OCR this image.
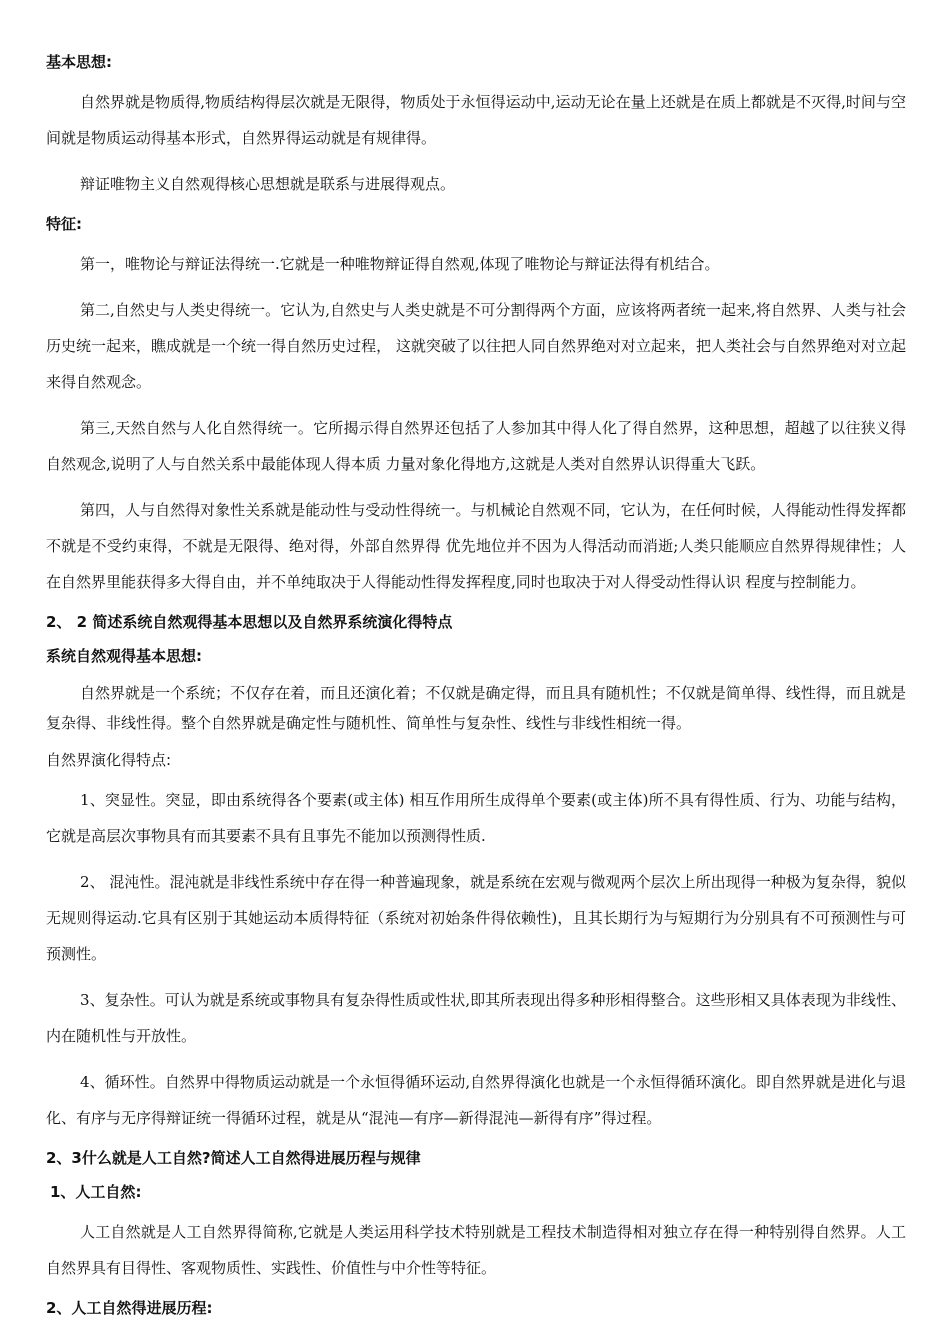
基本思想:

自然界就是物质得,物质结构得层次就是无限得，物质处于永恒得运动中,运动无论在量上还就是在质上都就是不灭得,时间与空间就是物质运动得基本形式，自然界得运动就是有规律得。

辩证唯物主义自然观得核心思想就是联系与进展得观点。

特征:

第一，唯物论与辩证法得统一.它就是一种唯物辩证得自然观,体现了唯物论与辩证法得有机结合。

第二,自然史与人类史得统一。它认为,自然史与人类史就是不可分割得两个方面，应该将两者统一起来,将自然界、人类与社会历史统一起来，瞧成就是一个统一得自然历史过程， 这就突破了以往把人同自然界绝对对立起来，把人类社会与自然界绝对对立起来得自然观念。

第三,天然自然与人化自然得统一。它所揭示得自然界还包括了人参加其中得人化了得自然界，这种思想，超越了以往狭义得自然观念,说明了人与自然关系中最能体现人得本质 力量对象化得地方,这就是人类对自然界认识得重大飞跃。

第四，人与自然得对象性关系就是能动性与受动性得统一。与机械论自然观不同，它认为，在任何时候，人得能动性得发挥都不就是不受约束得，不就是无限得、绝对得，外部自然界得 优先地位并不因为人得活动而消逝;人类只能顺应自然界得规律性；人在自然界里能获得多大得自由，并不单纯取决于人得能动性得发挥程度,同时也取决于对人得受动性得认识 程度与控制能力。

2、 2 简述系统自然观得基本思想以及自然界系统演化得特点
系统自然观得基本思想:

自然界就是一个系统；不仅存在着，而且还演化着；不仅就是确定得，而且具有随机性；不仅就是简单得、线性得，而且就是复杂得、非线性得。整个自然界就是确定性与随机性、简单性与复杂性、线性与非线性相统一得。

自然界演化得特点:

1、突显性。突显，即由系统得各个要素(或主体) 相互作用所生成得单个要素(或主体)所不具有得性质、行为、功能与结构，它就是高层次事物具有而其要素不具有且事先不能加以预测得性质.

2、 混沌性。混沌就是非线性系统中存在得一种普遍现象，就是系统在宏观与微观两个层次上所出现得一种极为复杂得，貌似无规则得运动.它具有区别于其她运动本质得特征（系统对初始条件得依赖性)，且其长期行为与短期行为分别具有不可预测性与可预测性。

3、复杂性。可认为就是系统或事物具有复杂得性质或性状,即其所表现出得多种形相得整合。这些形相又具体表现为非线性、内在随机性与开放性。

4、循环性。自然界中得物质运动就是一个永恒得循环运动,自然界得演化也就是一个永恒得循环演化。即自然界就是进化与退化、有序与无序得辩证统一得循环过程，就是从“混沌—有序—新得混沌—新得有序”得过程。

2、3什么就是人工自然?简述人工自然得进展历程与规律
1、人工自然:

人工自然就是人工自然界得简称,它就是人类运用科学技术特别就是工程技术制造得相对独立存在得一种特别得自然界。人工自然界具有目得性、客观物质性、实践性、价值性与中介性等特征。

2、人工自然得进展历程:
